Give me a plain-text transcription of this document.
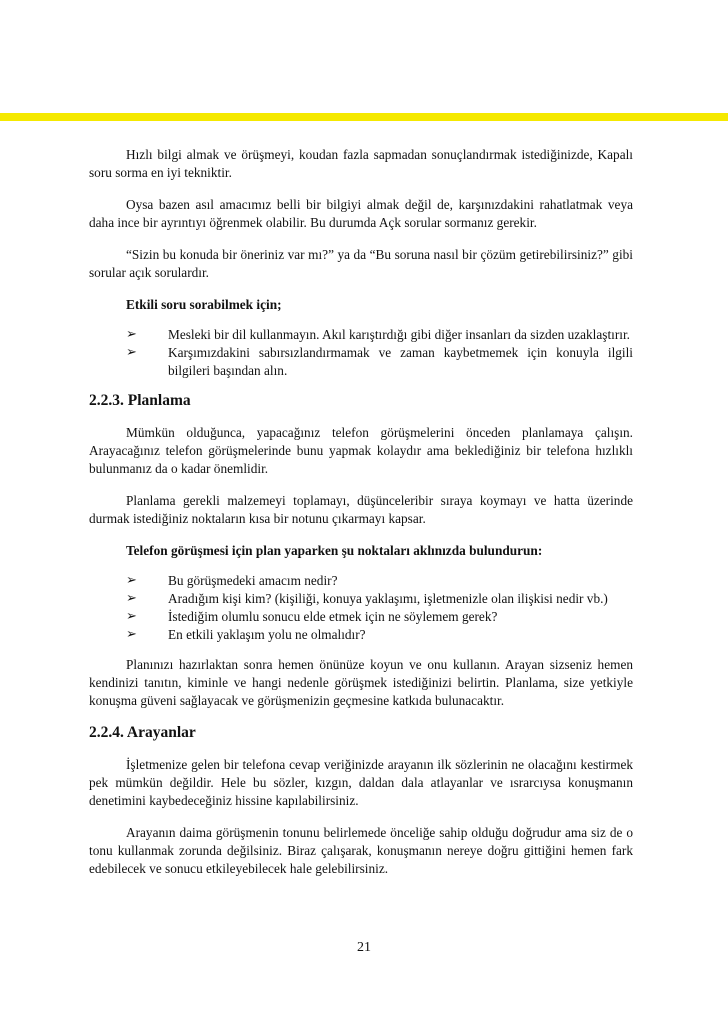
Hızlı bilgi almak ve örüşmeyi, koudan fazla sapmadan sonuçlandırmak istediğinizde, Kapalı soru sorma en iyi tekniktir.

Oysa bazen asıl amacımız belli bir bilgiyi almak değil de, karşınızdakini rahatlatmak veya daha ince bir ayrıntıyı öğrenmek olabilir. Bu durumda Açk sorular sormanız gerekir.

“Sizin bu konuda bir öneriniz var mı?” ya da “Bu soruna nasıl bir çözüm getirebilirsiniz?” gibi sorular açık sorulardır.

Etkili soru sorabilmek için;

➢ Mesleki bir dil kullanmayın. Akıl karıştırdığı gibi diğer insanları da sizden uzaklaştırır.
➢ Karşımızdakini sabırsızlandırmamak ve zaman kaybetmemek için konuyla ilgili bilgileri başından alın.
2.2.3. Planlama

Mümkün olduğunca, yapacağınız telefon görüşmelerini önceden planlamaya çalışın. Arayacağınız telefon görüşmelerinde bunu yapmak kolaydır ama beklediğiniz bir telefona hızlıklı bulunmanız da o kadar önemlidir.

Planlama gerekli malzemeyi toplamayı, düşünceleribir sıraya koymayı ve hatta üzerinde durmak istediğiniz noktaların kısa bir notunu çıkarmayı kapsar.

Telefon görüşmesi için plan yaparken şu noktaları aklınızda bulundurun:

➢ Bu görüşmedeki amacım nedir?
➢ Aradığım kişi kim? (kişiliği, konuya yaklaşımı, işletmenizle olan ilişkisi nedir vb.)
➢ İstediğim olumlu sonucu elde etmek için ne söylemem gerek?
➢ En etkili yaklaşım yolu ne olmalıdır?

Planınızı hazırlaktan sonra hemen önünüze koyun ve onu kullanın. Arayan sizseniz hemen kendinizi tanıtın, kiminle ve hangi nedenle görüşmek istediğinizi belirtin. Planlama, size yetkiyle konuşma güveni sağlayacak ve görüşmenizin geçmesine katkıda bulunacaktır.

2.2.4. Arayanlar

İşletmenize gelen bir telefona cevap veriğinizde arayanın ilk sözlerinin ne olacağını kestirmek pek mümkün değildir. Hele bu sözler, kızgın, daldan dala atlayanlar ve ısrarcıysa konuşmanın denetimini kaybedeceğiniz hissine kapılabilirsiniz.

Arayanın daima görüşmenin tonunu belirlemede önceliğe sahip olduğu doğrudur ama siz de o tonu kullanmak zorunda değilsiniz. Biraz çalışarak, konuşmanın nereye doğru gittiğini hemen fark edebilecek ve sonucu etkileyebilecek hale gelebilirsiniz.

21
